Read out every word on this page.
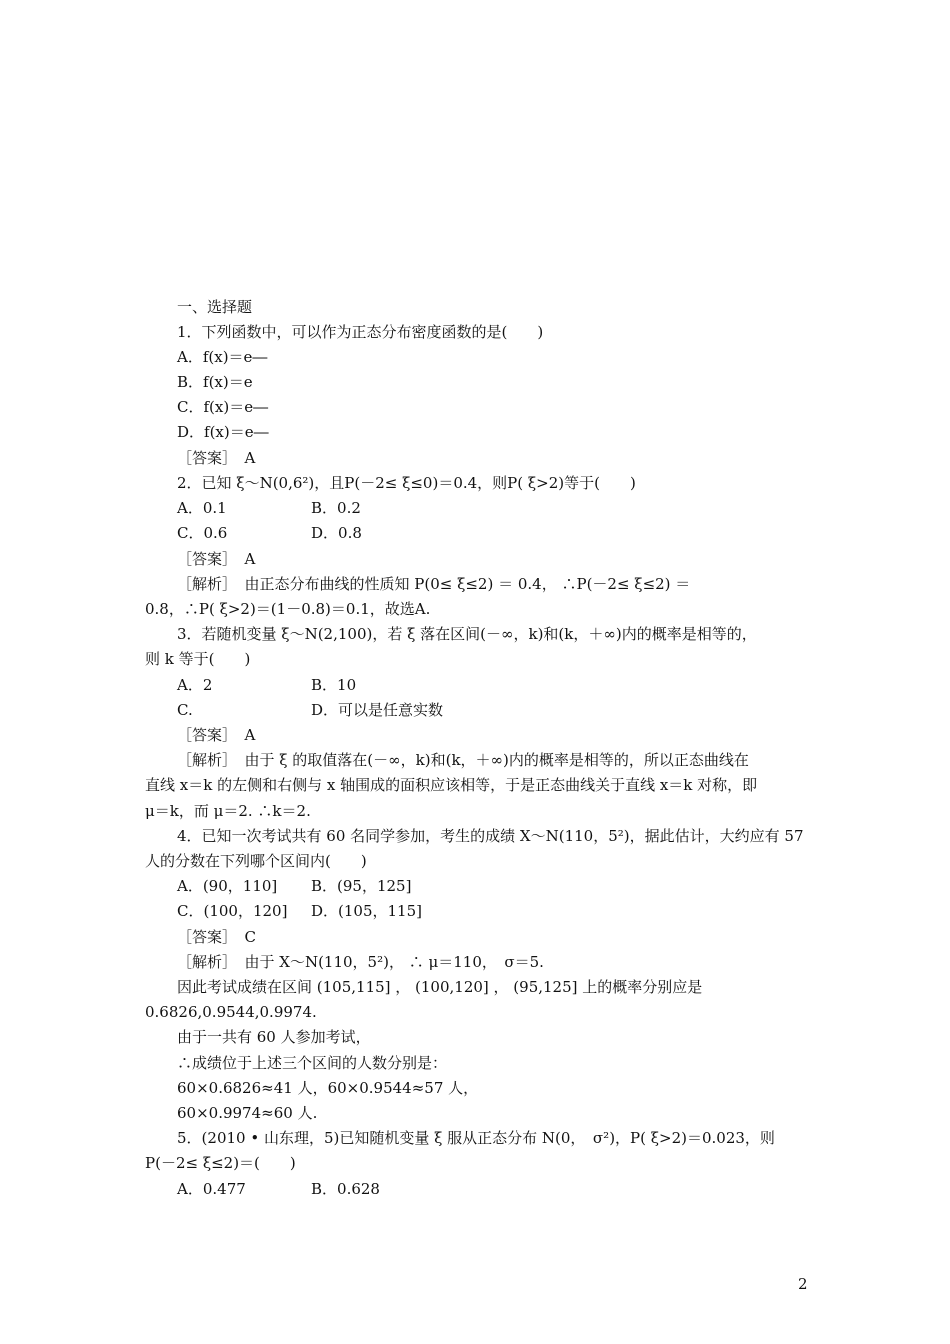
一、选择题
1．下列函数中，可以作为正态分布密度函数的是(　　)
A．f(x)＝e―
B．f(x)＝e
C．f(x)＝e―
D．f(x)＝e―
［答案］　A
2．已知 ξ～N(0,6²)，且P(－2≤ ξ≤0)＝0.4，则P( ξ>2)等于(　　)
A．0.1	B．0.2
C．0.6	D．0.8
［答案］　A
［解析］　由正态分布曲线的性质知 P(0≤ ξ≤2) ＝ 0.4， ∴P(－2≤ ξ≤2) ＝
0.8，∴P( ξ>2)＝(1－0.8)＝0.1，故选A.
3．若随机变量 ξ～N(2,100)，若 ξ 落在区间(－∞，k)和(k，＋∞)内的概率是相等的，
则 k 等于(　　)
A．2	B．10
C.	D．可以是任意实数
［答案］　A
［解析］　由于 ξ 的取值落在(－∞，k)和(k，＋∞)内的概率是相等的，所以正态曲线在
直线 x＝k 的左侧和右侧与 x 轴围成的面积应该相等，于是正态曲线关于直线 x＝k 对称，即
μ＝k，而 μ＝2. ∴k＝2.
4．已知一次考试共有 60 名同学参加，考生的成绩 X～N(110，5²)，据此估计，大约应有 57
人的分数在下列哪个区间内(　　)
A．(90，110] B．(95，125]
C．(100，120] D．(105，115]
［答案］　C
［解析］　由于 X～N(110，5²)， ∴ μ＝110，　σ＝5.
因此考试成绩在区间 (105,115] ， (100,120] ， (95,125] 上的概率分别应是
0.6826,0.9544,0.9974.
由于一共有 60 人参加考试，
∴成绩位于上述三个区间的人数分别是：
60×0.6826≈41 人，60×0.9544≈57 人，
60×0.9974≈60 人.
5．(2010 • 山东理，5)已知随机变量 ξ 服从正态分布 N(0，　σ²)，P( ξ>2)＝0.023，则
P(－2≤ ξ≤2)＝(　　)
A．0.477	B．0.628
2
